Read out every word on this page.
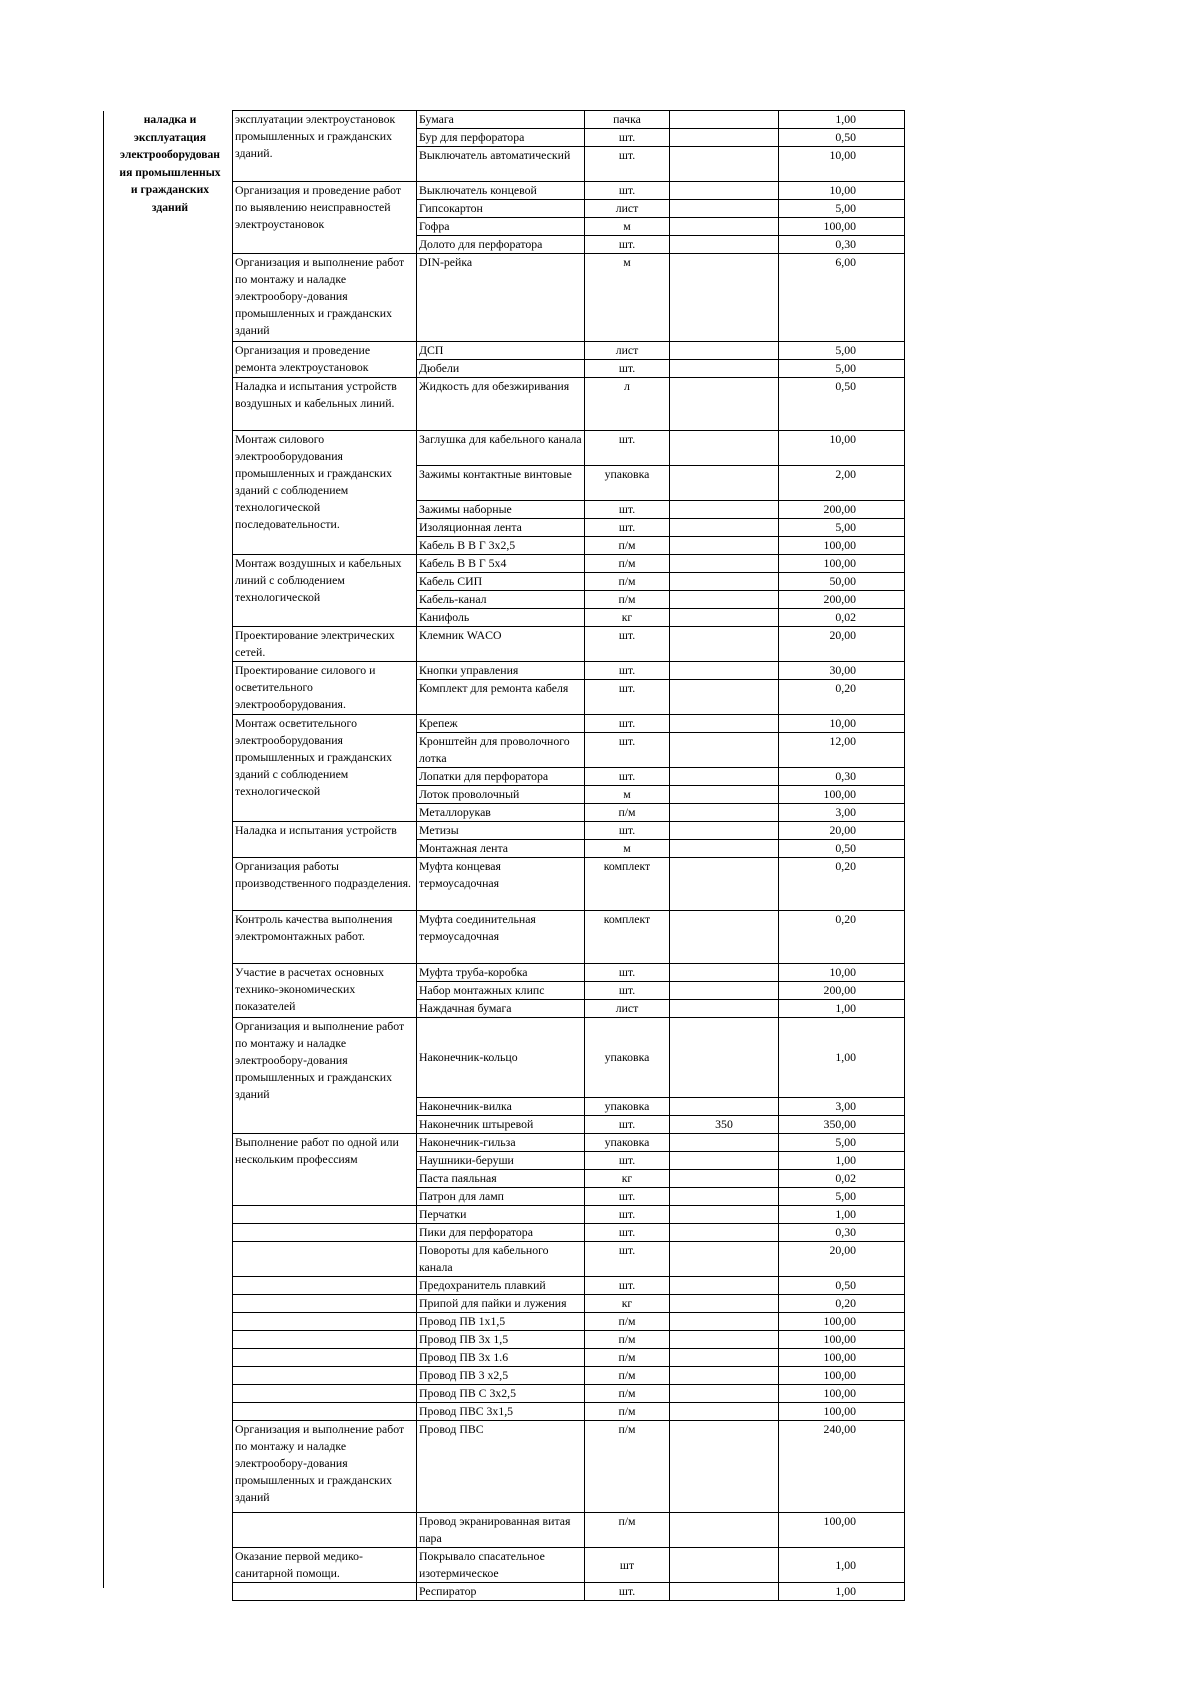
наладка и
эксплуатация
электрооборудован
ия промышленных
и гражданских
зданий
эксплуатации электроустановок промышленных и гражданских зданий.	Бумага	пачка		1,00
	Бур для перфоратора	шт.		0,50
	Выключатель автоматический	шт.		10,00
Организация и проведение работ по выявлению неисправностей электроустановок	Выключатель концевой	шт.		10,00
	Гипсокартон	лист		5,00
	Гофра	м		100,00
	Долото для перфоратора	шт.		0,30
Организация и выполнение работ по монтажу и наладке электрообору-дования промышленных и гражданских зданий	DIN-рейка	м		6,00
Организация и проведение ремонта электроустановок	ДСП	лист		5,00
	Дюбели	шт.		5,00
Наладка и испытания устройств воздушных и кабельных линий.	Жидкость для обезжиривания	л		0,50
Монтаж силового электрооборудования промышленных и гражданских зданий с соблюдением технологической последовательности.	Заглушка для кабельного канала	шт.		10,00
	Зажимы контактные винтовые	упаковка		2,00
	Зажимы наборные	шт.		200,00
	Изоляционная лента	шт.		5,00
	Кабель В В Г 3х2,5	п/м		100,00
Монтаж воздушных и кабельных линий с соблюдением технологической	Кабель В В Г 5х4	п/м		100,00
	Кабель СИП	п/м		50,00
	Кабель-канал	п/м		200,00
	Канифоль	кг		0,02
Проектирование электрических сетей.	Клемник WACO	шт.		20,00
Проектирование силового и осветительного электрооборудования.	Кнопки управления	шт.		30,00
	Комплект для ремонта кабеля	шт.		0,20
Монтаж осветительного электрооборудования промышленных и гражданских зданий с соблюдением технологической	Крепеж	шт.		10,00
	Кронштейн для проволочного лотка	шт.		12,00
	Лопатки для перфоратора	шт.		0,30
	Лоток проволочный	м		100,00
	Металлорукав	п/м		3,00
Наладка и испытания устройств	Метизы	шт.		20,00
	Монтажная лента	м		0,50
Организация работы производственного подразделения.	Муфта концевая термоусадочная	комплект		0,20
Контроль качества выполнения электромонтажных работ.	Муфта соединительная термоусадочная	комплект		0,20
Участие в расчетах основных технико-экономических показателей	Муфта труба-коробка	шт.		10,00
	Набор монтажных клипс	шт.		200,00
	Наждачная бумага	лист		1,00
Организация и выполнение работ по монтажу и наладке электрообору-дования промышленных и гражданских зданий	Наконечник-кольцо	упаковка		1,00
	Наконечник-вилка	упаковка		3,00
	Наконечник штыревой	шт.	350	350,00
Выполнение работ по одной или нескольким профессиям	Наконечник-гильза	упаковка		5,00
	Наушники-беруши	шт.		1,00
	Паста паяльная	кг		0,02
	Патрон для ламп	шт.		5,00
	Перчатки	шт.		1,00
	Пики для перфоратора	шт.		0,30
	Повороты для кабельного канала	шт.		20,00
	Предохранитель плавкий	шт.		0,50
	Припой для пайки и лужения	кг		0,20
	Провод ПВ 1х1,5	п/м		100,00
	Провод ПВ 3х 1,5	п/м		100,00
	Провод ПВ 3х 1.6	п/м		100,00
	Провод ПВ 3 х2,5	п/м		100,00
	Провод ПВ С 3х2,5	п/м		100,00
	Провод ПВС 3х1,5	п/м		100,00
Организация и выполнение работ по монтажу и наладке электрообору-дования промышленных и гражданских зданий	Провод ПВС	п/м		240,00
	Провод экранированная витая пара	п/м		100,00
Оказание первой медико-санитарной помощи.	Покрывало спасательное изотермическое	шт		1,00
	Респиратор	шт.		1,00
